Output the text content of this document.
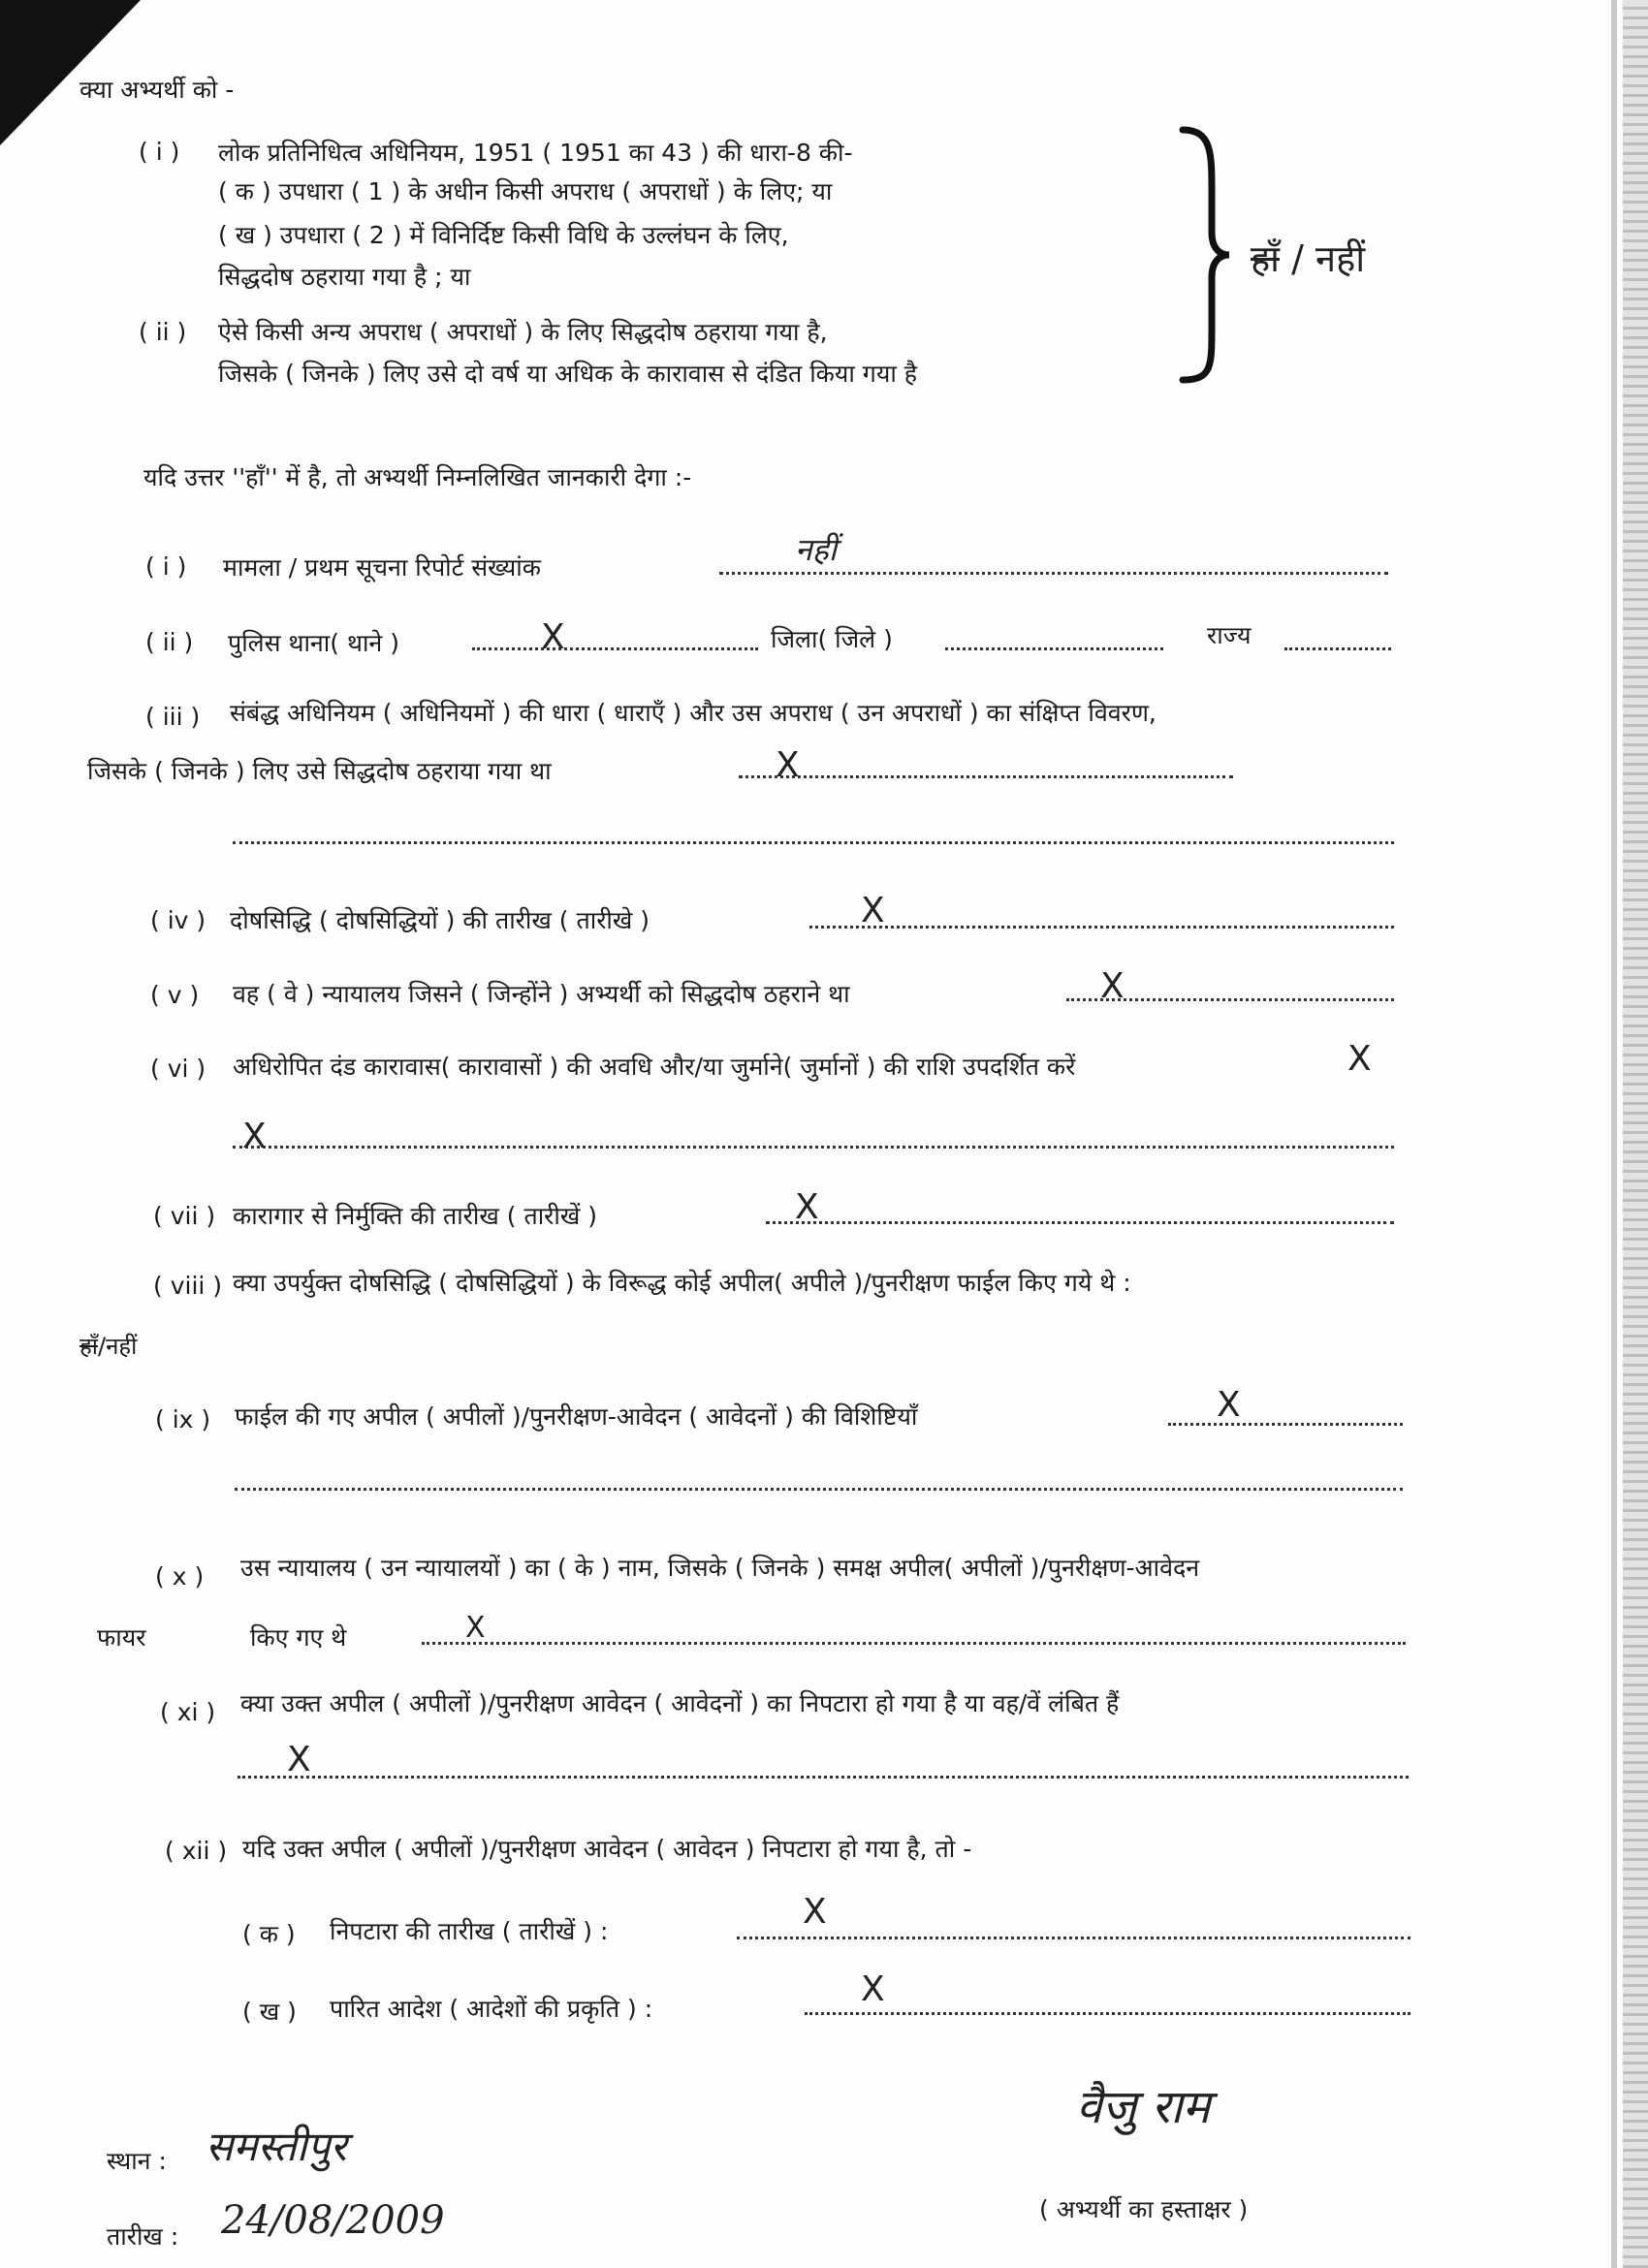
क्या अभ्यर्थी को -
( i ) लोक प्रतिनिधित्व अधिनियम, 1951 ( 1951 का 43 ) की धारा-8 की-
( क ) उपधारा ( 1 ) के अधीन किसी अपराध ( अपराधों ) के लिए; या
( ख ) उपधारा ( 2 ) में विनिर्दिष्ट किसी विधि के उल्लंघन के लिए,
सिद्धदोष ठहराया गया है ; या
( ii ) ऐसे किसी अन्य अपराध ( अपराधों ) के लिए सिद्धदोष ठहराया गया है,
जिसके ( जिनके ) लिए उसे दो वर्ष या अधिक के कारावास से दंडित किया गया है
हाँ / नहीं
यदि उत्तर ''हाँ'' में है, तो अभ्यर्थी निम्नलिखित जानकारी देगा :-
( i ) मामला / प्रथम सूचना रिपोर्ट संख्यांक	नहीं
( ii ) पुलिस थाना( थाने )	X	जिला( जिले )	राज्य
( iii ) संबंद्ध अधिनियम ( अधिनियमों ) की धारा ( धाराएँ ) और उस अपराध ( उन अपराधों ) का संक्षिप्त विवरण,
जिसके ( जिनके ) लिए उसे सिद्धदोष ठहराया गया था	X
( iv ) दोषसिद्धि ( दोषसिद्धियों ) की तारीख ( तारीखे )	X
( v ) वह ( वे ) न्यायालय जिसने ( जिन्होंने ) अभ्यर्थी को सिद्धदोष ठहराने था	X
( vi ) अधिरोपित दंड कारावास( कारावासों ) की अवधि और/या जुर्माने( जुर्मानों ) की राशि उपदर्शित करें	X
X
( vii ) कारागार से निर्मुक्ति की तारीख ( तारीखें )	X
( viii ) क्या उपर्युक्त दोषसिद्धि ( दोषसिद्धियों ) के विरूद्ध कोई अपील( अपीले )/पुनरीक्षण फाईल किए गये थे :
हाँ/नहीं
( ix ) फाईल की गए अपील ( अपीलों )/पुनरीक्षण-आवेदन ( आवेदनों ) की विशिष्टियाँ	X
( x ) उस न्यायालय ( उन न्यायालयों ) का ( के ) नाम, जिसके ( जिनके ) समक्ष अपील( अपीलों )/पुनरीक्षण-आवेदन
फायर	किए गए थे	X
( xi ) क्या उक्त अपील ( अपीलों )/पुनरीक्षण आवेदन ( आवेदनों ) का निपटारा हो गया है या वह/वें लंबित हैं
X
( xii ) यदि उक्त अपील ( अपीलों )/पुनरीक्षण आवेदन ( आवेदन ) निपटारा हो गया है, तो -
( क ) निपटारा की तारीख ( तारीखें ) :	X
( ख ) पारित आदेश ( आदेशों की प्रकृति ) :	X
स्थान : समस्तीपुर
तारीख : 24/08/2009
वैजु राम
( अभ्यर्थी का हस्ताक्षर )
